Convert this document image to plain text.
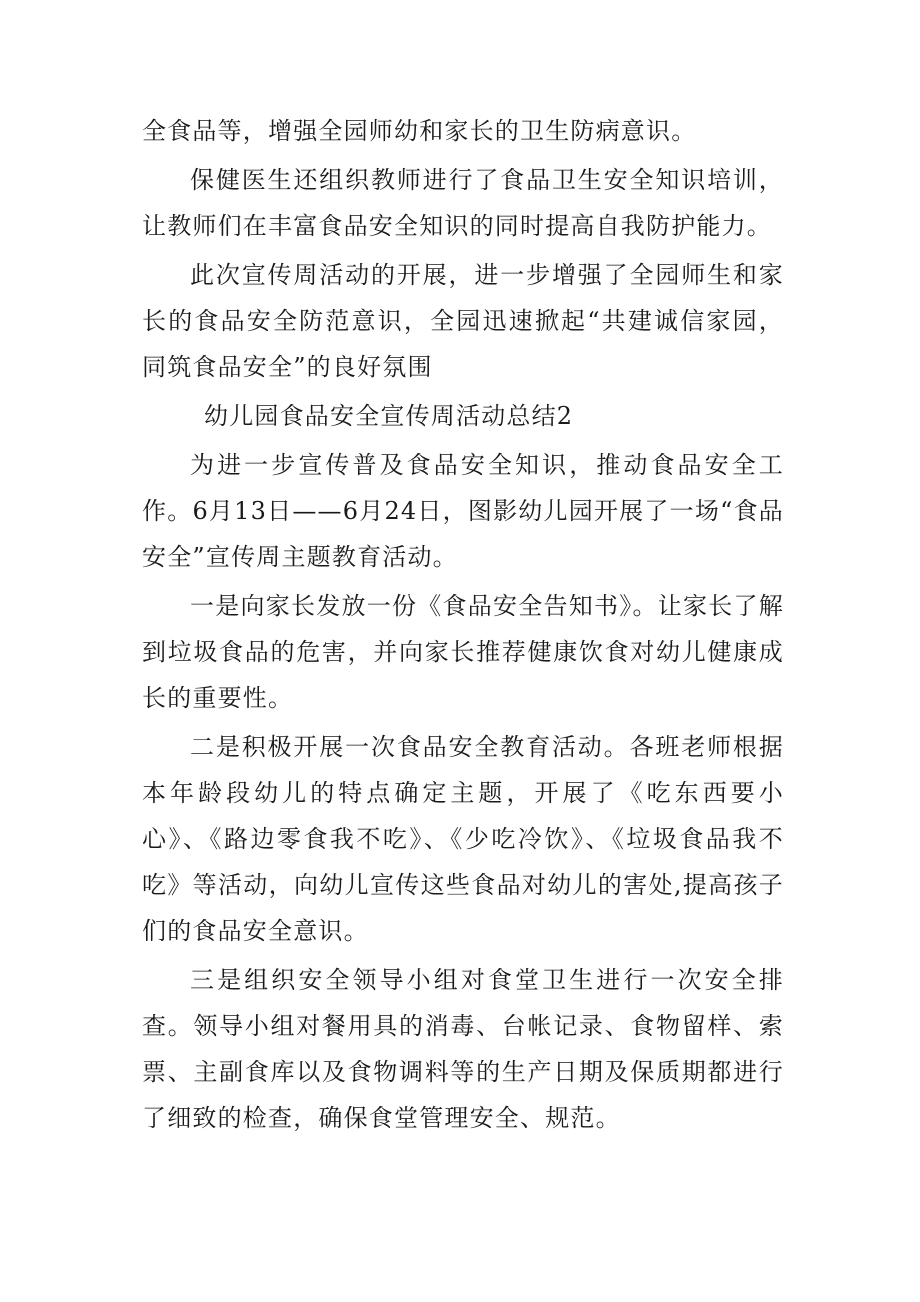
全食品等，增强全园师幼和家长的卫生防病意识。

保健医生还组织教师进行了食品卫生安全知识培训，让教师们在丰富食品安全知识的同时提高自我防护能力。

此次宣传周活动的开展，进一步增强了全园师生和家长的食品安全防范意识，全园迅速掀起“共建诚信家园，同筑食品安全”的良好氛围

幼儿园食品安全宣传周活动总结2

为进一步宣传普及食品安全知识，推动食品安全工作。6月13日——6月24日，图影幼儿园开展了一场“食品安全”宣传周主题教育活动。

一是向家长发放一份《食品安全告知书》。让家长了解到垃圾食品的危害，并向家长推荐健康饮食对幼儿健康成长的重要性。

二是积极开展一次食品安全教育活动。各班老师根据本年龄段幼儿的特点确定主题，开展了《吃东西要小心》、《路边零食我不吃》、《少吃冷饮》、《垃圾食品我不吃》等活动，向幼儿宣传这些食品对幼儿的害处,提高孩子们的食品安全意识。

三是组织安全领导小组对食堂卫生进行一次安全排查。领导小组对餐用具的消毒、台帐记录、食物留样、索票、主副食库以及食物调料等的生产日期及保质期都进行了细致的检查，确保食堂管理安全、规范。
